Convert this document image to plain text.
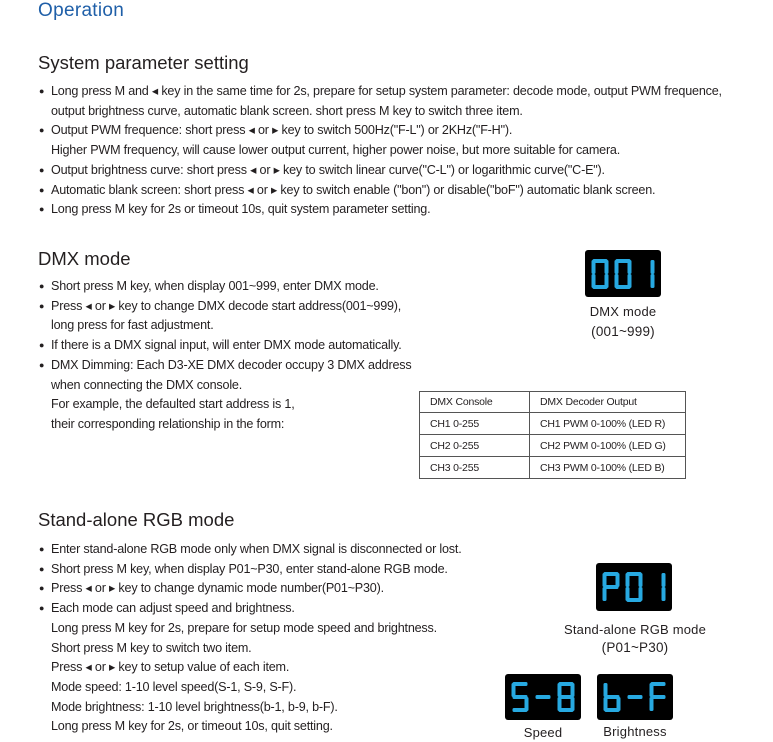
Operation
System parameter setting
● Long press M and ◂ key in the same time for 2s, prepare for setup system parameter: decode mode, output PWM frequence,
output brightness curve, automatic blank screen. short press M key to switch three item.
● Output PWM frequence: short press ◂ or ▸ key to switch 500Hz("F-L") or 2KHz("F-H").
Higher PWM frequency, will cause lower output current, higher power noise, but more suitable for camera.
● Output brightness curve: short press ◂ or ▸ key to switch linear curve("C-L") or logarithmic curve("C-E").
● Automatic blank screen: short press ◂ or ▸ key to switch enable ("bon") or disable("boF") automatic blank screen.
● Long press M key for 2s or timeout 10s, quit system parameter setting.
DMX mode
● Short press M key, when display 001~999, enter DMX mode.
● Press ◂ or ▸ key to change DMX decode start address(001~999),
long press for fast adjustment.
● If there is a DMX signal input, will enter DMX mode automatically.
● DMX Dimming: Each D3-XE DMX decoder occupy 3 DMX address
when connecting the DMX console.
For example, the defaulted start address is 1,
their corresponding relationship in the form:
DMX mode
(001~999)
DMX Console	DMX Decoder Output
CH1 0-255	CH1 PWM 0-100% (LED R)
CH2 0-255	CH2 PWM 0-100% (LED G)
CH3 0-255	CH3 PWM 0-100% (LED B)
Stand-alone RGB mode
● Enter stand-alone RGB mode only when DMX signal is disconnected or lost.
● Short press M key, when display P01~P30, enter stand-alone RGB mode.
● Press ◂ or ▸ key to change dynamic mode number(P01~P30).
● Each mode can adjust speed and brightness.
Long press M key for 2s, prepare for setup mode speed and brightness.
Short press M key to switch two item.
Press ◂ or ▸ key to setup value of each item.
Mode speed: 1-10 level speed(S-1, S-9, S-F).
Mode brightness: 1-10 level brightness(b-1, b-9, b-F).
Long press M key for 2s, or timeout 10s, quit setting.
Stand-alone RGB mode
(P01~P30)
Speed	Brightness
